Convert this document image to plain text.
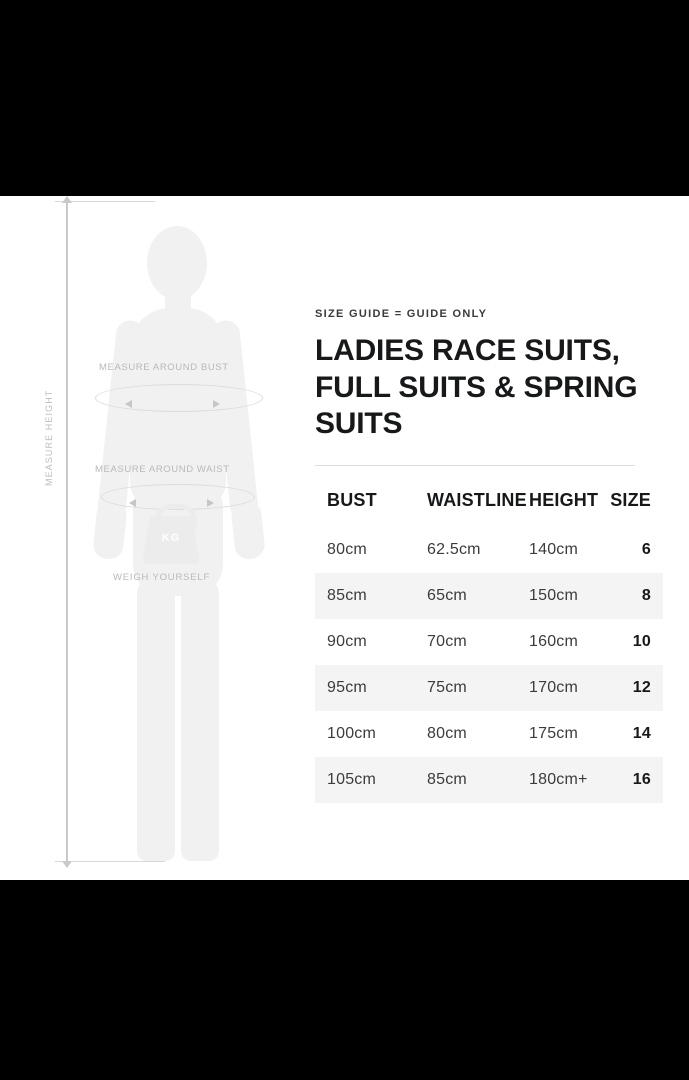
MEASURE HEIGHT
MEASURE AROUND BUST
MEASURE AROUND WAIST
KG
WEIGH YOURSELF
SIZE GUIDE = GUIDE ONLY
LADIES RACE SUITS, FULL SUITS & SPRING SUITS
BUST	WAISTLINE	HEIGHT	SIZE
80cm	62.5cm	140cm	6
85cm	65cm	150cm	8
90cm	70cm	160cm	10
95cm	75cm	170cm	12
100cm	80cm	175cm	14
105cm	85cm	180cm+	16
